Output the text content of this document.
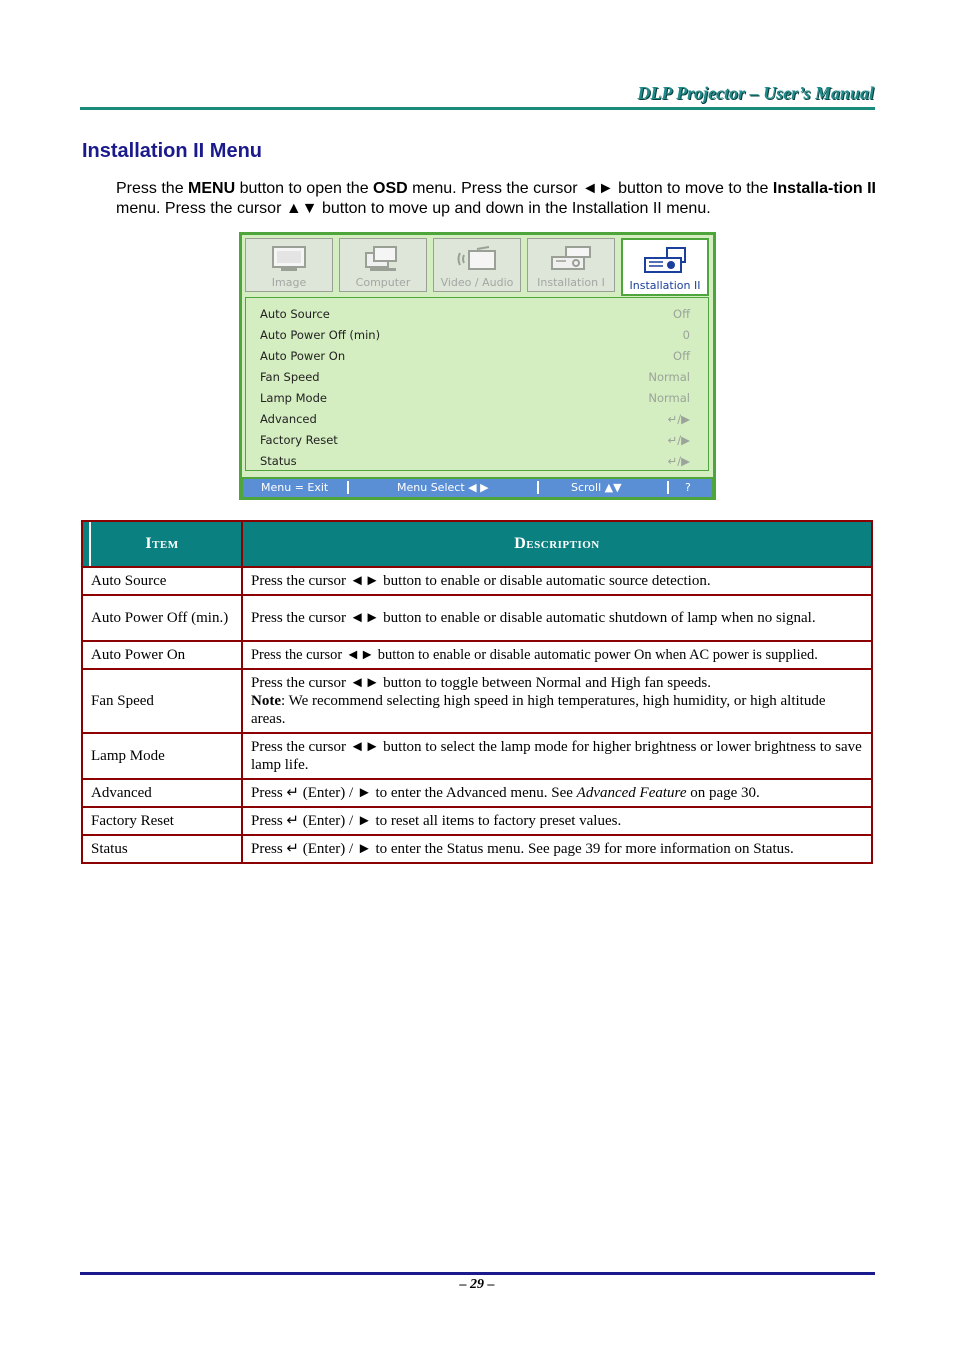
DLP Projector – User’s Manual
Installation II Menu
Press the MENU button to open the OSD menu. Press the cursor ◄► button to move to the Installa-tion II menu. Press the cursor ▲▼ button to move up and down in the Installation II menu.
Image	Computer	Video / Audio	Installation I	Installation II
Auto Source	Off
Auto Power Off (min)	0
Auto Power On	Off
Fan Speed	Normal
Lamp Mode	Normal
Advanced	↵/▶
Factory Reset	↵/▶
Status	↵/▶
Menu = Exit	Menu Select ◀ ▶	Scroll ▲▼	?
Item	Description
Auto Source	Press the cursor ◄► button to enable or disable automatic source detection.
Auto Power Off (min.)	Press the cursor ◄► button to enable or disable automatic shutdown of lamp when no signal.
Auto Power On	Press the cursor ◄► button to enable or disable automatic power On when AC power is supplied.
Fan Speed	Press the cursor ◄► button to toggle between Normal and High fan speeds.
Note: We recommend selecting high speed in high temperatures, high humidity, or high altitude areas.
Lamp Mode	Press the cursor ◄► button to select the lamp mode for higher brightness or lower brightness to save lamp life.
Advanced	Press ↵ (Enter) / ► to enter the Advanced menu. See Advanced Feature on page 30.
Factory Reset	Press ↵ (Enter) / ► to reset all items to factory preset values.
Status	Press ↵ (Enter) / ► to enter the Status menu. See page 39 for more information on Status.
– 29 –
